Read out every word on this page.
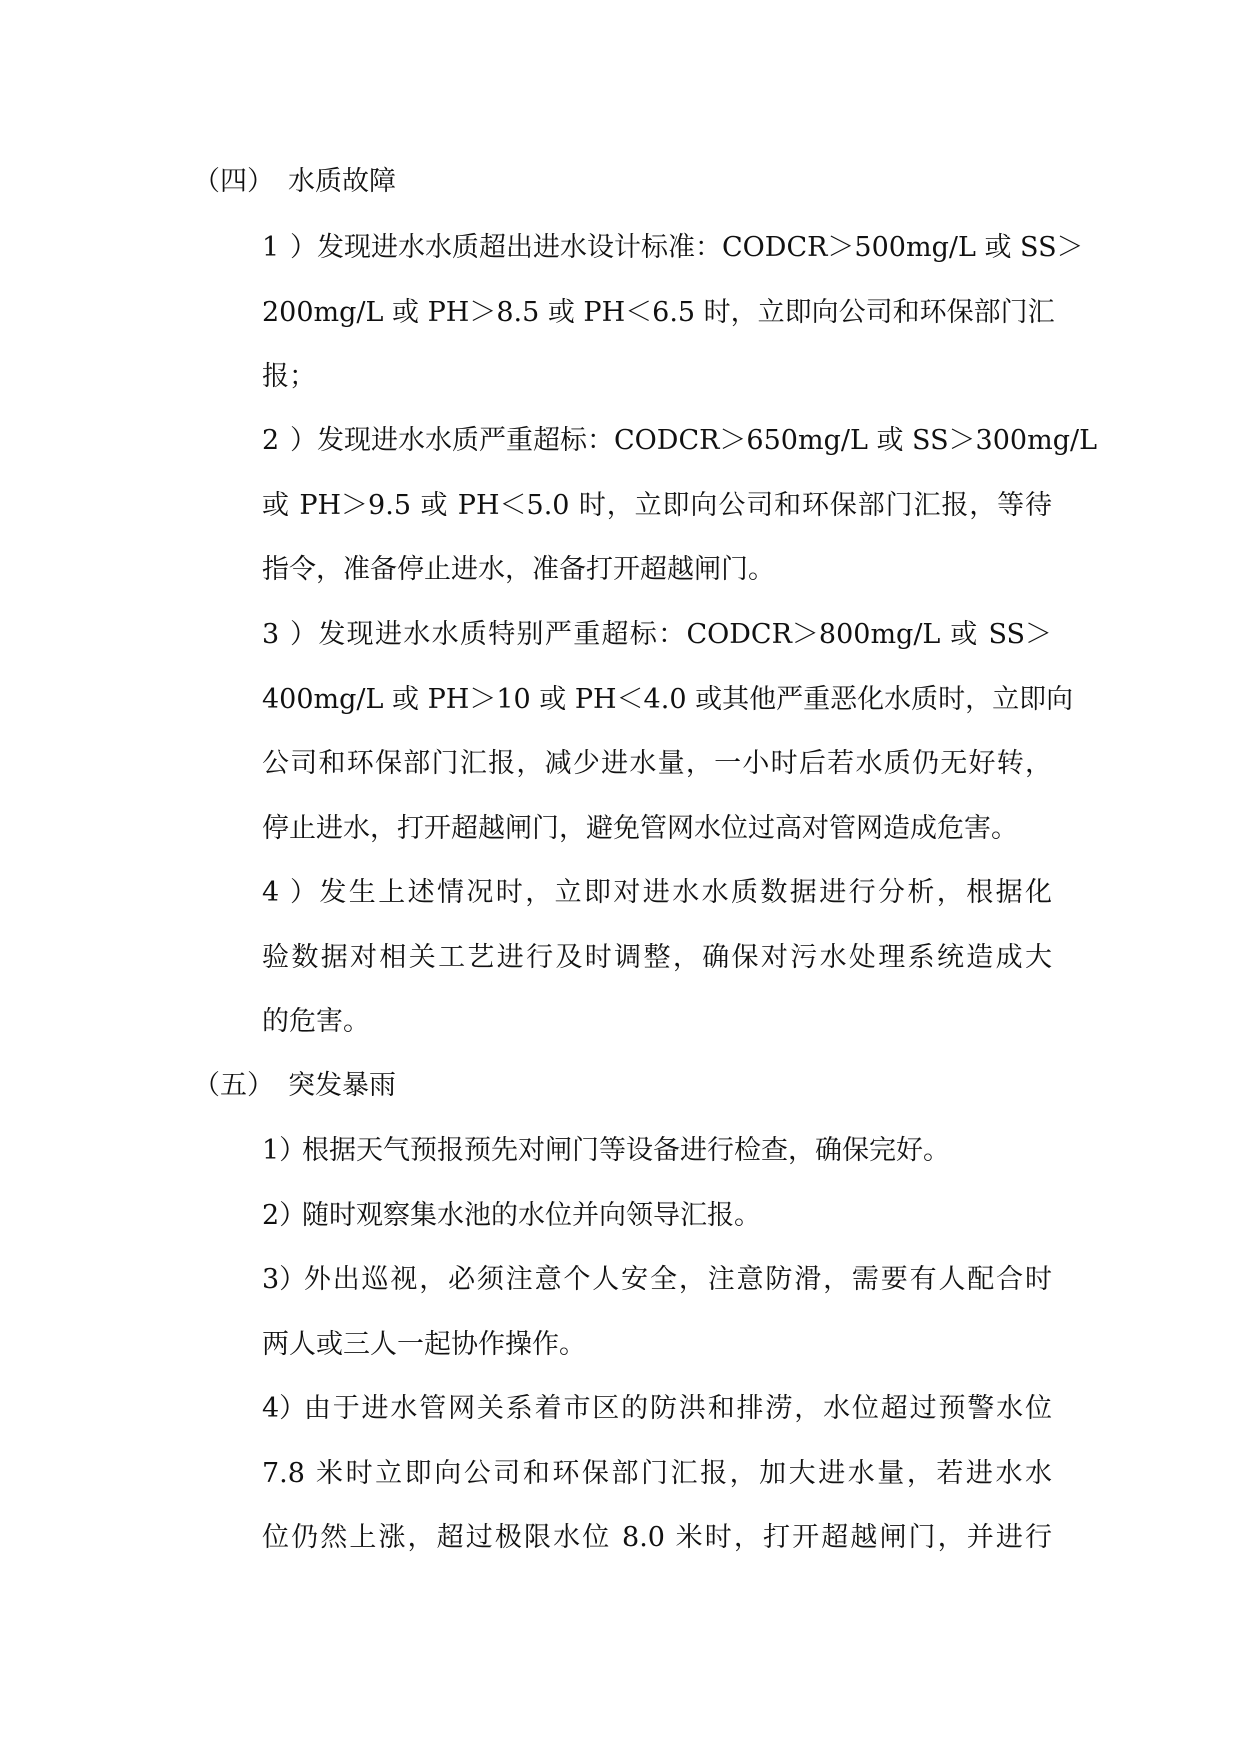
（四） 水质故障
1）发现进水水质超出进水设计标准：CODCR＞500mg/L 或 SS＞
200mg/L 或 PH＞8.5 或 PH＜6.5 时，立即向公司和环保部门汇
报；
2）发现进水水质严重超标：CODCR＞650mg/L 或 SS＞300mg/L
或 PH＞9.5 或 PH＜5.0 时，立即向公司和环保部门汇报，等待
指令，准备停止进水，准备打开超越闸门。
3）发现进水水质特别严重超标：CODCR＞800mg/L 或 SS＞
400mg/L 或 PH＞10 或 PH＜4.0 或其他严重恶化水质时，立即向
公司和环保部门汇报，减少进水量，一小时后若水质仍无好转，
停止进水，打开超越闸门，避免管网水位过高对管网造成危害。
4）发生上述情况时，立即对进水水质数据进行分析，根据化
验数据对相关工艺进行及时调整，确保对污水处理系统造成大
的危害。
（五） 突发暴雨
1）根据天气预报预先对闸门等设备进行检查，确保完好。
2）随时观察集水池的水位并向领导汇报。
3）外出巡视，必须注意个人安全，注意防滑，需要有人配合时
两人或三人一起协作操作。
4）由于进水管网关系着市区的防洪和排涝，水位超过预警水位
7.8 米时立即向公司和环保部门汇报，加大进水量，若进水水
位仍然上涨，超过极限水位 8.0 米时，打开超越闸门，并进行
